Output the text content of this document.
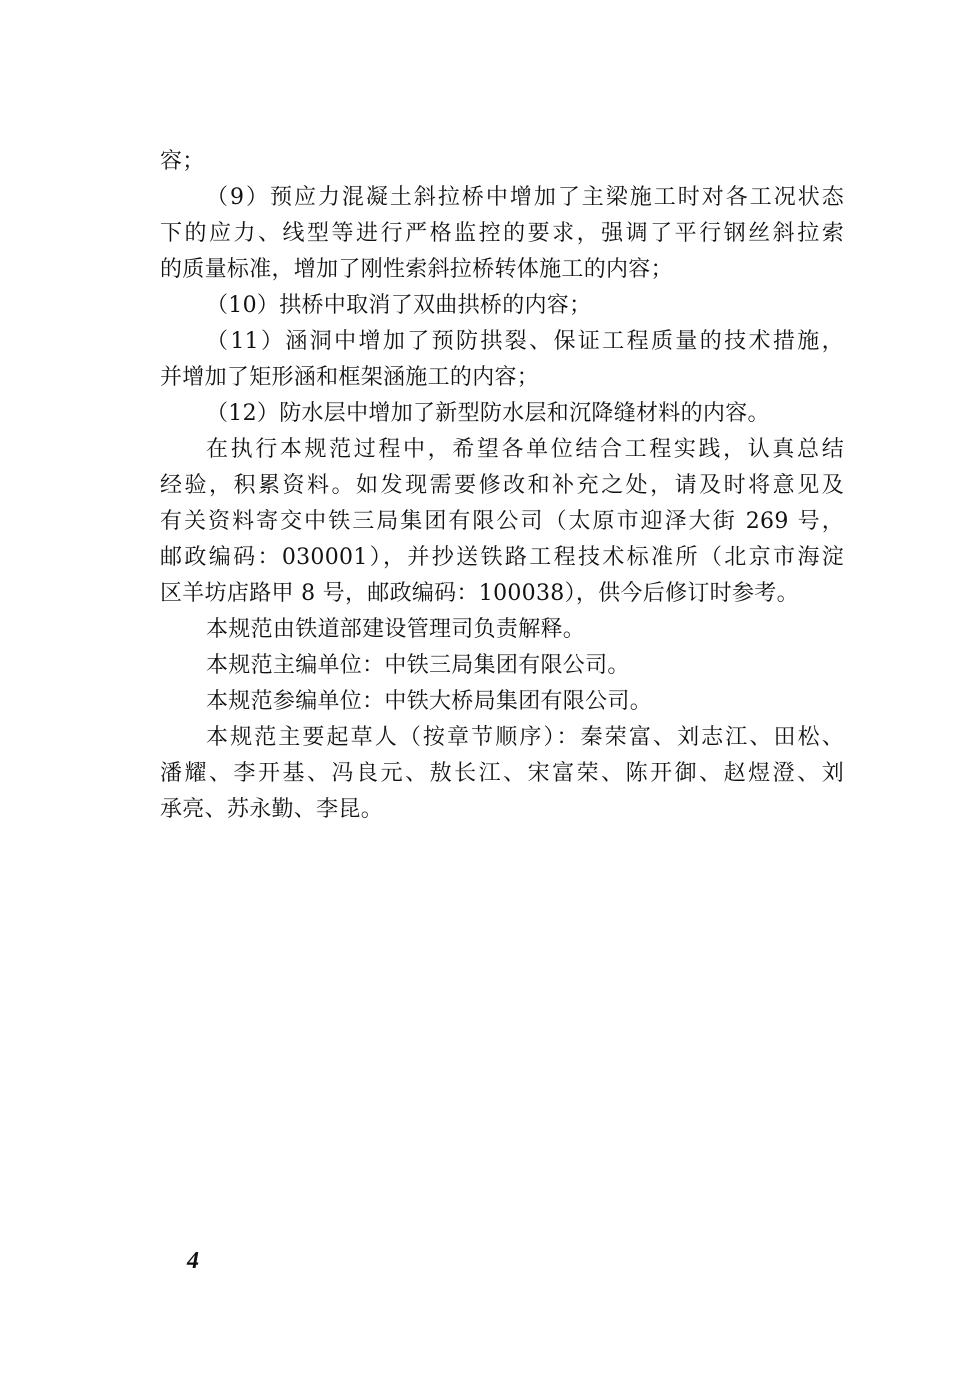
容；
（9）预应力混凝土斜拉桥中增加了主梁施工时对各工况状态
下的应力、线型等进行严格监控的要求，强调了平行钢丝斜拉索
的质量标准，增加了刚性索斜拉桥转体施工的内容；
（10）拱桥中取消了双曲拱桥的内容；
（11）涵洞中增加了预防拱裂、保证工程质量的技术措施，
并增加了矩形涵和框架涵施工的内容；
（12）防水层中增加了新型防水层和沉降缝材料的内容。
在执行本规范过程中，希望各单位结合工程实践，认真总结
经验，积累资料。如发现需要修改和补充之处，请及时将意见及
有关资料寄交中铁三局集团有限公司（太原市迎泽大街 269 号，
邮政编码：030001），并抄送铁路工程技术标准所（北京市海淀
区羊坊店路甲 8 号，邮政编码：100038），供今后修订时参考。
本规范由铁道部建设管理司负责解释。
本规范主编单位：中铁三局集团有限公司。
本规范参编单位：中铁大桥局集团有限公司。
本规范主要起草人（按章节顺序）：秦荣富、刘志江、田松、
潘耀、李开基、冯良元、敖长江、宋富荣、陈开御、赵煜澄、刘
承亮、苏永勤、李昆。
4
